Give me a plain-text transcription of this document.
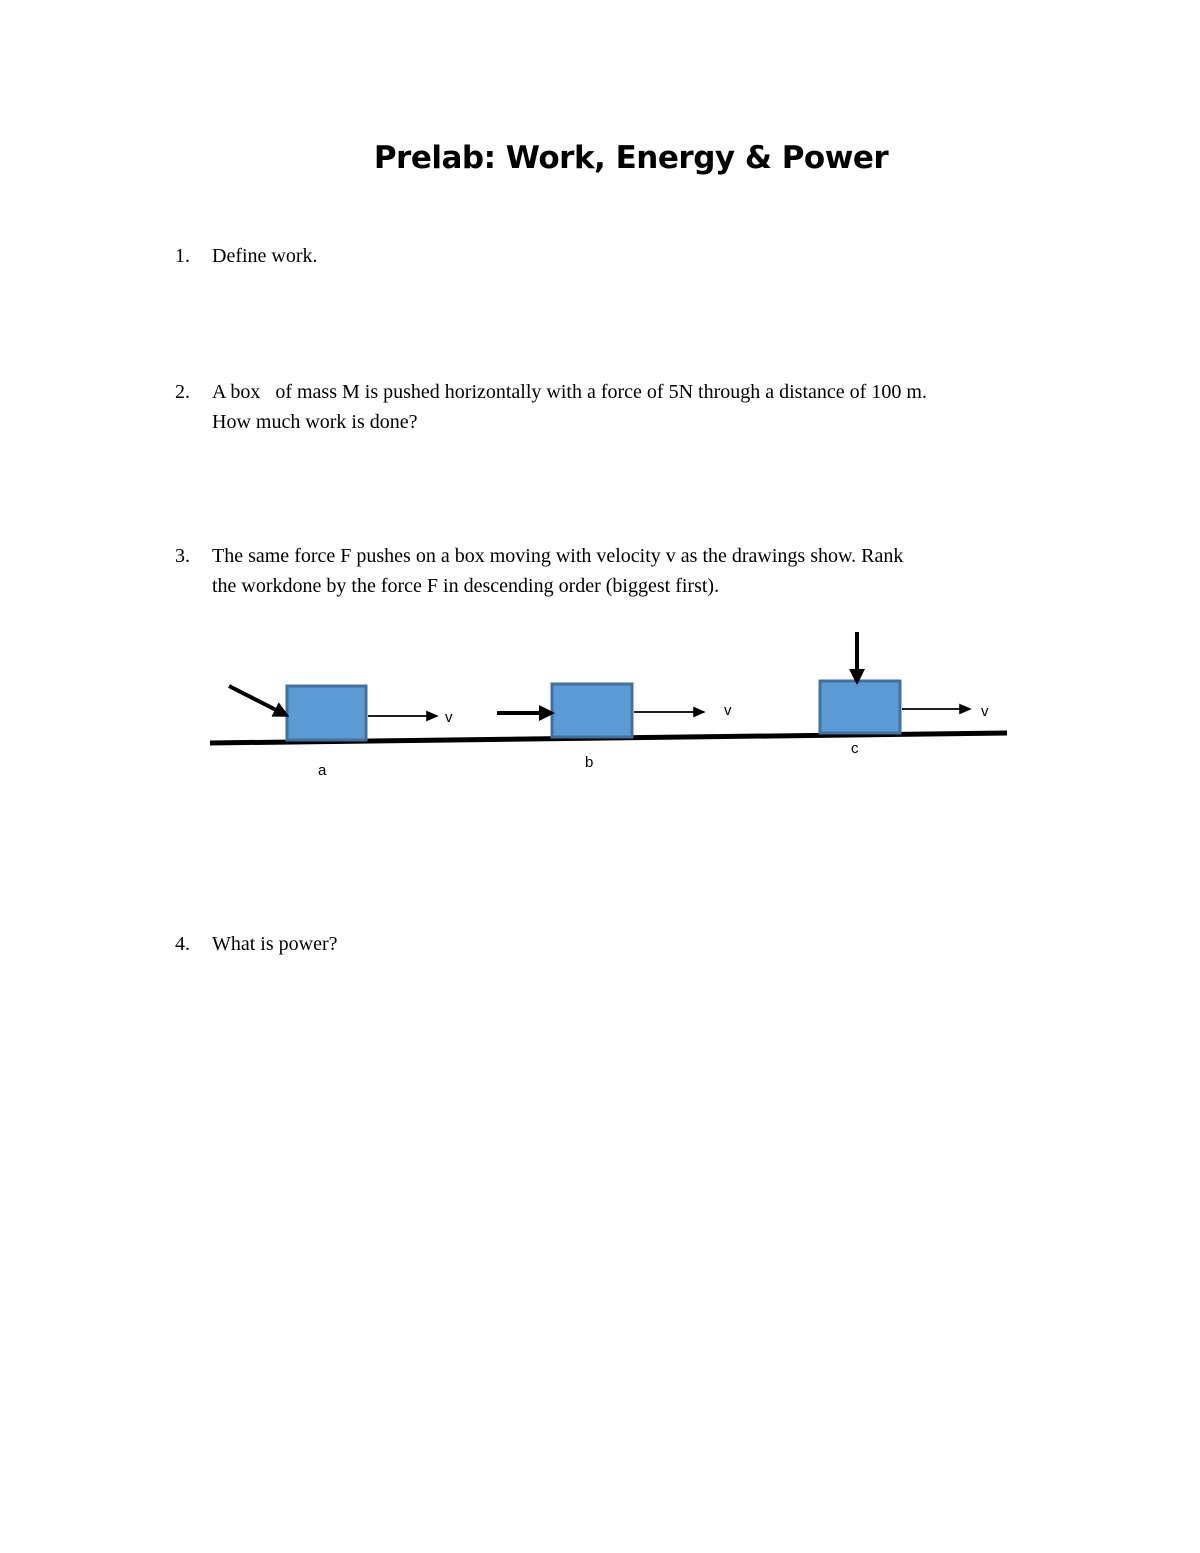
Prelab: Work, Energy & Power
1. Define work.
2. A box   of mass M is pushed horizontally with a force of 5N through a distance of 100 m.
How much work is done?
3. The same force F pushes on a box moving with velocity v as the drawings show. Rank
the workdone by the force F in descending order (biggest first).
v
a
v
b
v
c
4. What is power?
